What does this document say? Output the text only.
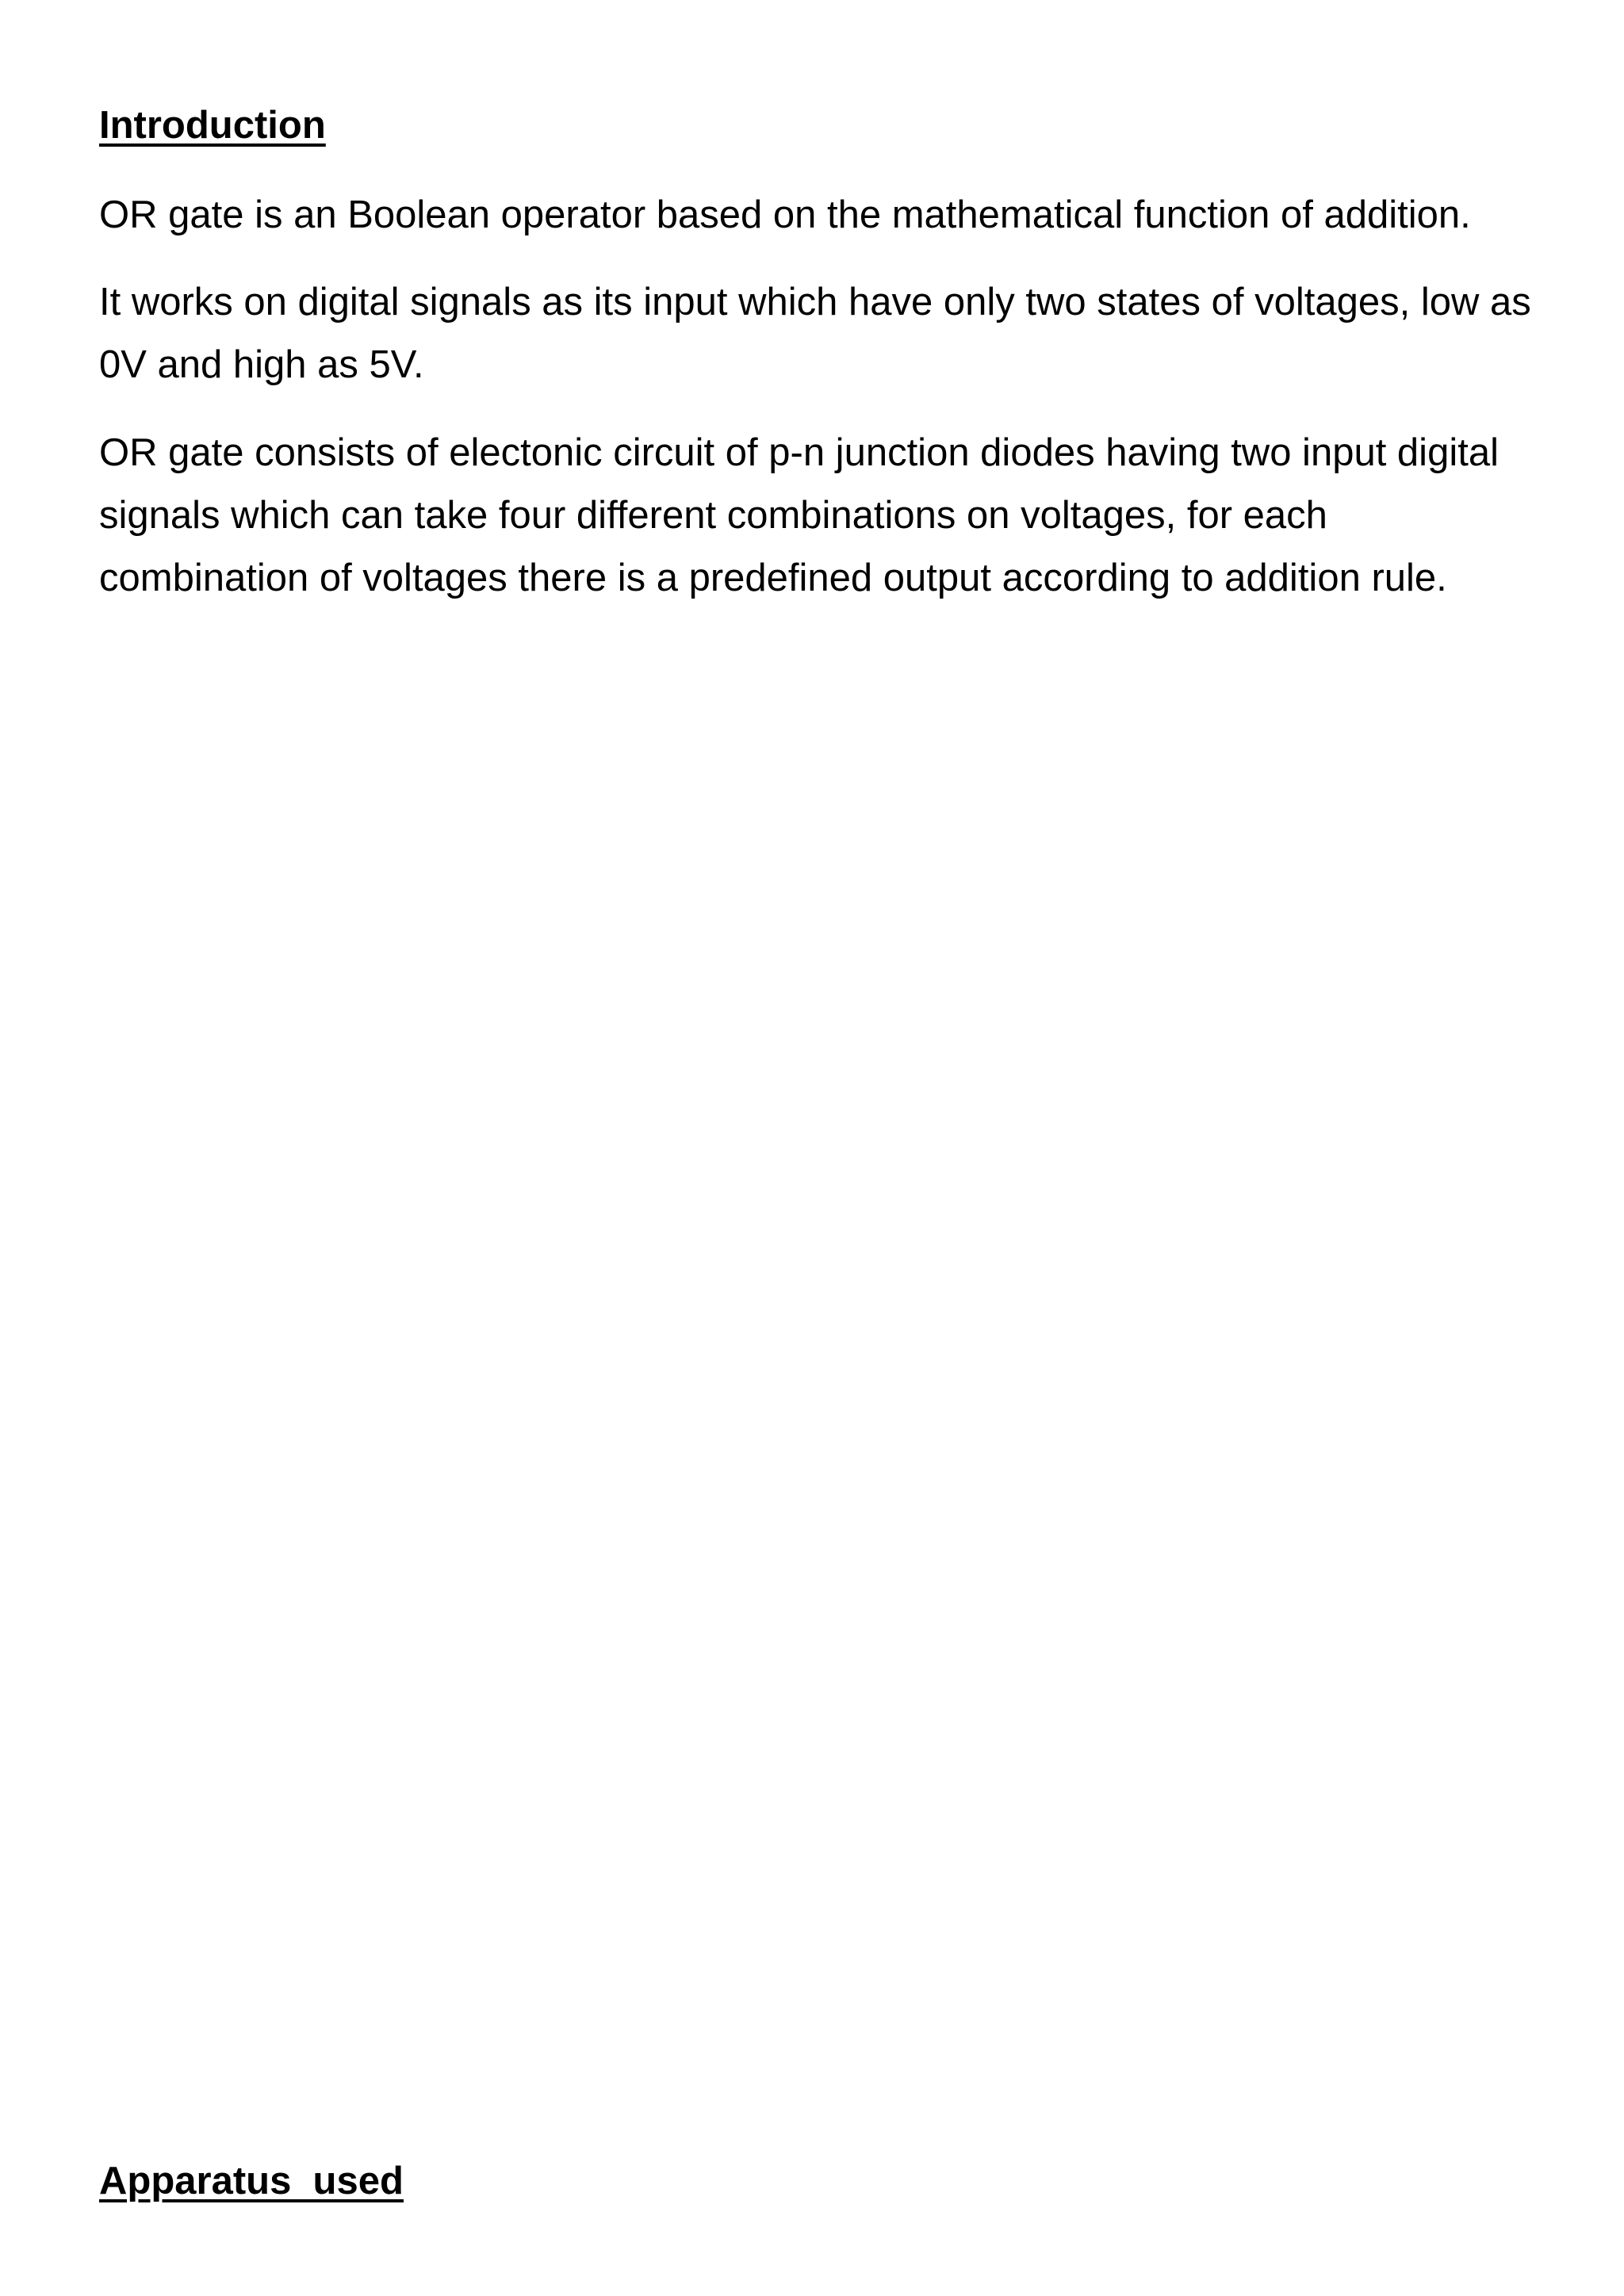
Introduction

OR gate is an Boolean operator based on the mathematical function of addition.

It works on digital signals as its input which have only two states of voltages, low as 0V and high as 5V.

OR gate consists of electonic circuit of p-n junction diodes having two input digital signals which can take four different combinations on voltages, for each combination of voltages there is a predefined output according to addition rule.

Apparatus  used
